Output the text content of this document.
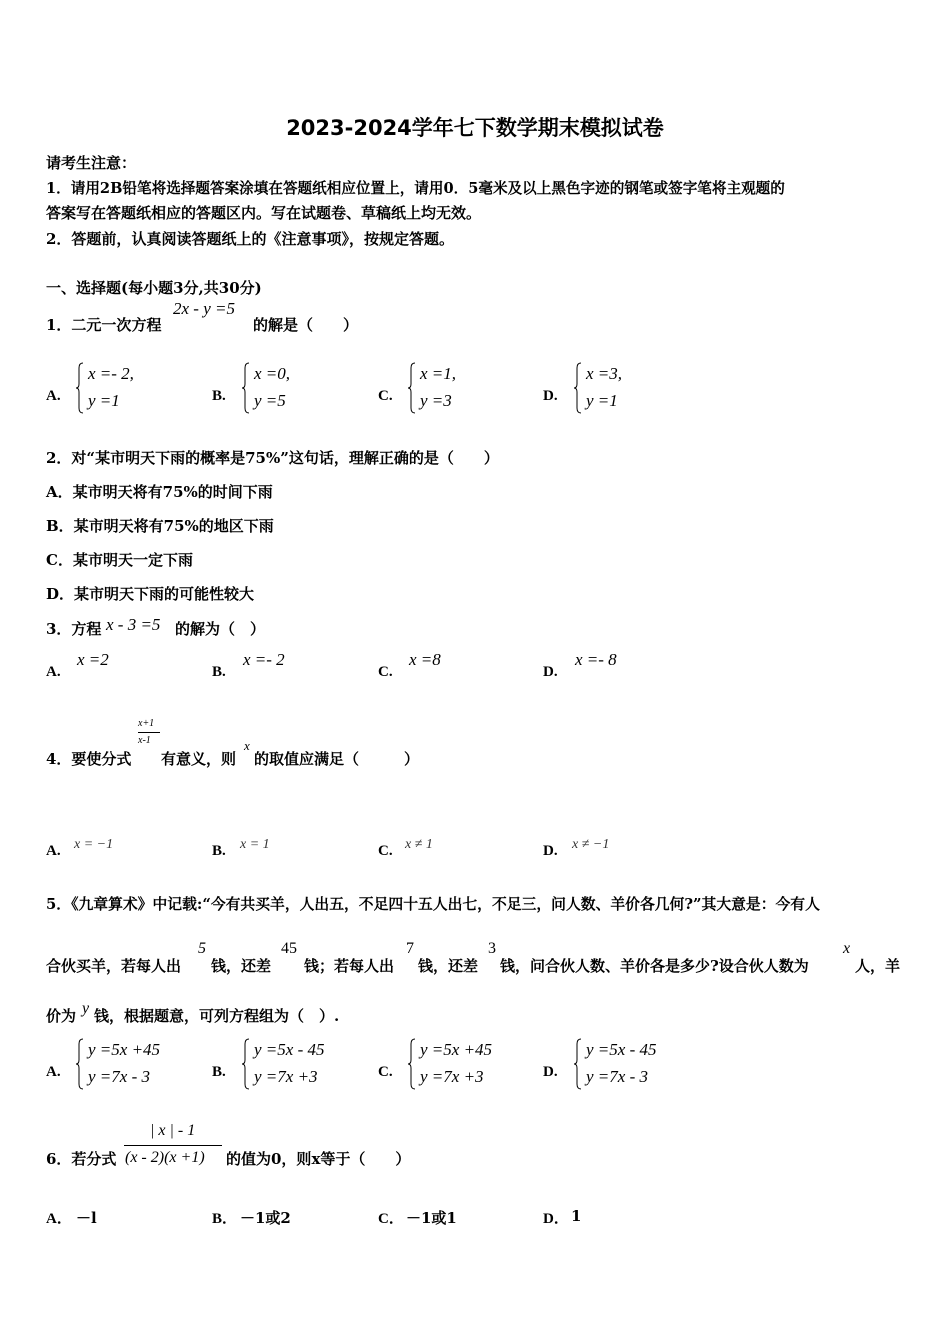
2023-2024学年七下数学期末模拟试卷
请考生注意：
1．请用2B铅笔将选择题答案涂填在答题纸相应位置上，请用0．5毫米及以上黑色字迹的钢笔或签字笔将主观题的
答案写在答题纸相应的答题区内。写在试题卷、草稿纸上均无效。
2．答题前，认真阅读答题纸上的《注意事项》，按规定答题。
一、选择题(每小题3分,共30分)
1．二元一次方程
2x - y =5
的解是（　　）
A.
x =- 2,
y =1	B.
x =0,
y =5	C.
x =1,
y =3	D.
x =3,
y =1
2．对“某市明天下雨的概率是75%”这句话，理解正确的是（　　）
A．某市明天将有75%的时间下雨
B．某市明天将有75%的地区下雨
C．某市明天一定下雨
D．某市明天下雨的可能性较大
3．方程 x - 3 =5 的解为（　）
A.
x =2
B.
x =- 2
C.
x =8
D.
x =- 8
4．要使分式
x+1
x-1
有意义，则
x
的取值应满足（　　　）
A. x = −1	B. x = 1	C. x ≠ 1	D. x ≠ −1
5．《九章算术》中记载:“今有共买羊，人出五，不足四十五人出七，不足三，问人数、羊价各几何?”其大意是：今有人
合伙买羊，若每人出
5
钱，还差
45
钱；若每人出
7
钱，还差
3
钱，问合伙人数、羊价各是多少?设合伙人数为
x
人，羊
价为 y 钱，根据题意，可列方程组为（　）.
A.
y =5x +45
y =7x - 3	B.
y =5x - 45
y =7x +3	C.
y =5x +45
y =7x +3	D.
y =5x - 45
y =7x - 3
6．若分式
| x | - 1
(x - 2)(x +1) 的值为0，则x等于（　　）
A． －l	B． －1或2	C． －1或1	D． 1
